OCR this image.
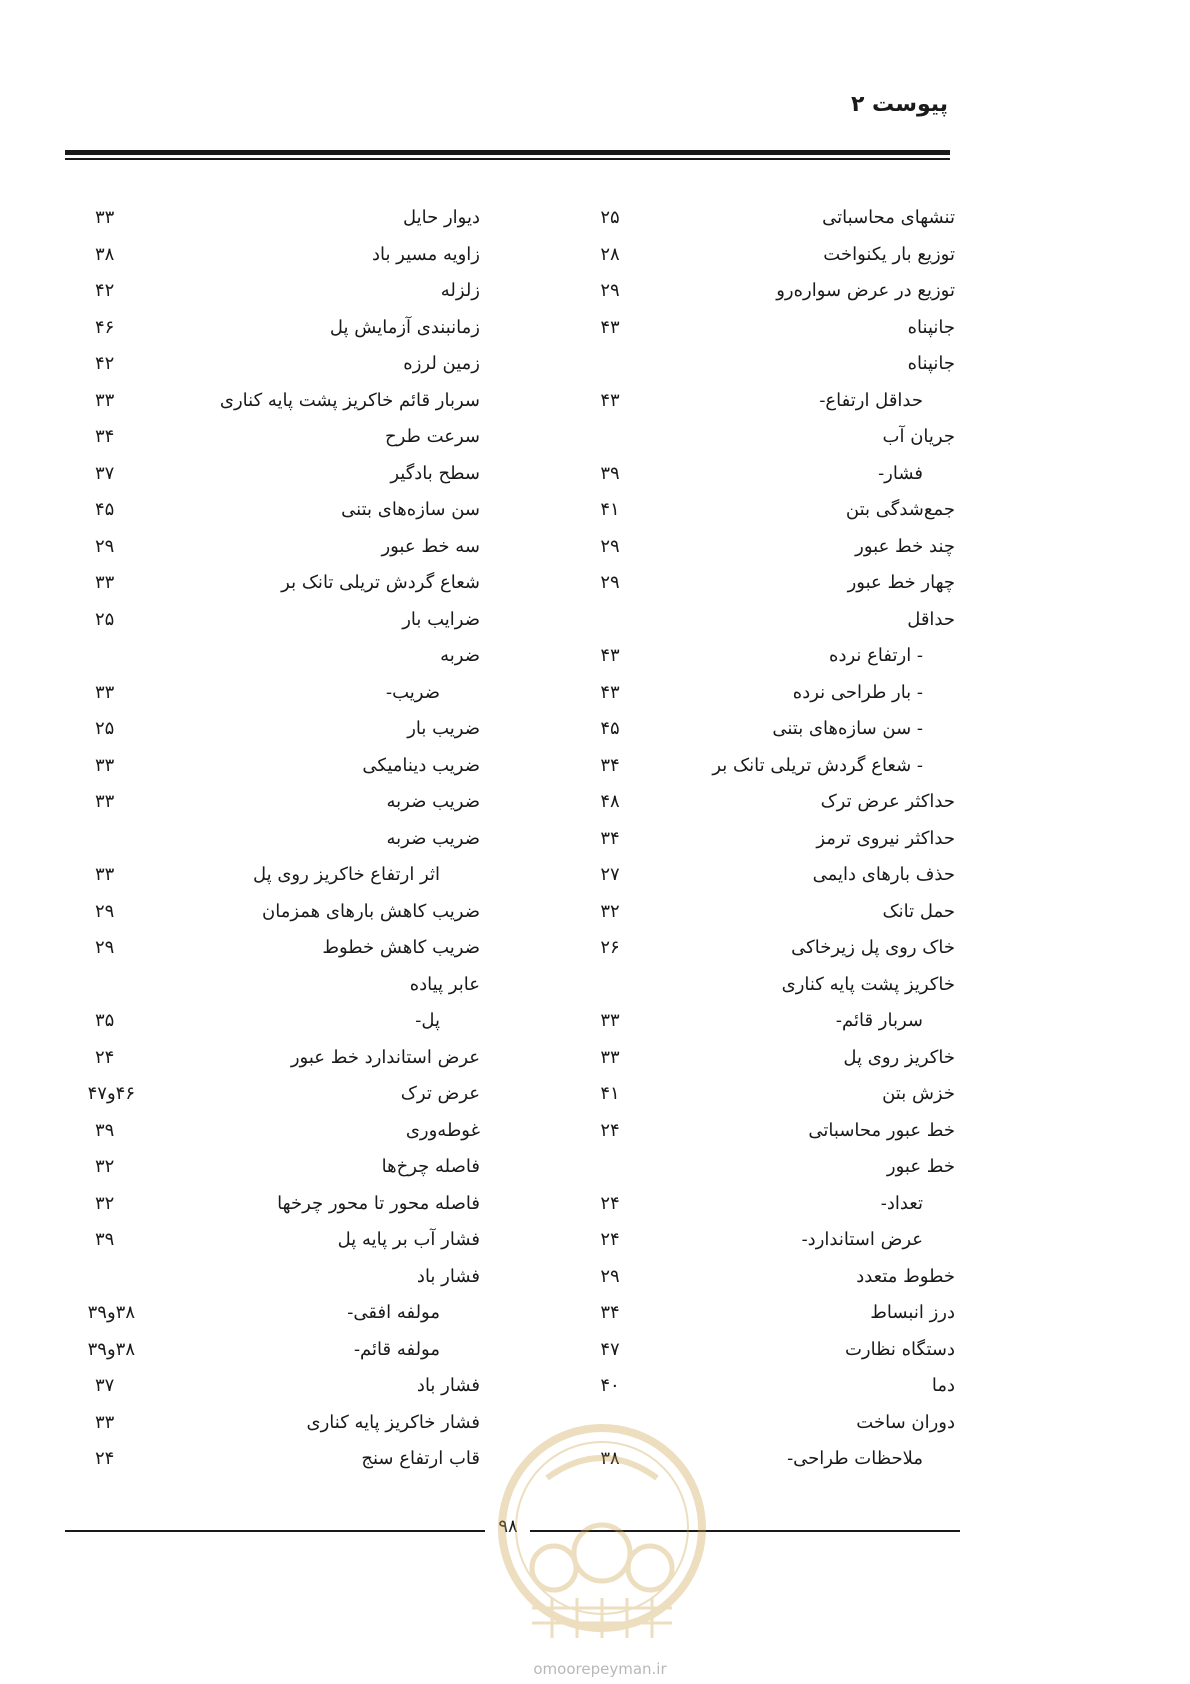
پیوست ۲
تنشهای محاسباتی
۲۵
توزیع بار یکنواخت
۲۸
توزیع در عرض سواره‌رو
۲۹
جانپناه
۴۳
جانپناه
حداقل ارتفاع-
۴۳
جریان آب
فشار-
۳۹
جمع‌شدگی بتن
۴۱
چند خط عبور
۲۹
چهار خط عبور
۲۹
حداقل
- ارتفاع نرده
۴۳
- بار طراحی نرده
۴۳
- سن سازه‌های بتنی
۴۵
- شعاع گردش تریلی تانک بر
۳۴
حداکثر عرض ترک
۴۸
حداکثر نیروی ترمز
۳۴
حذف بارهای دایمی
۲۷
حمل تانک
۳۲
خاک روی پل زیرخاکی
۲۶
خاکریز پشت پایه کناری
سربار قائم-
۳۳
خاکریز روی پل
۳۳
خزش بتن
۴۱
خط عبور محاسباتی
۲۴
خط عبور
تعداد-
۲۴
عرض استاندارد-
۲۴
خطوط متعدد
۲۹
درز انبساط
۳۴
دستگاه نظارت
۴۷
دما
۴۰
دوران ساخت
ملاحظات طراحی-
۳۸
دیوار حایل
۳۳
زاویه مسیر باد
۳۸
زلزله
۴۲
زمانبندی آزمایش پل
۴۶
زمین لرزه
۴۲
سربار قائم خاکریز پشت پایه کناری
۳۳
سرعت طرح
۳۴
سطح بادگیر
۳۷
سن سازه‌های بتنی
۴۵
سه خط عبور
۲۹
شعاع گردش تریلی تانک بر
۳۳
ضرایب بار
۲۵
ضربه
ضریب-
۳۳
ضریب بار
۲۵
ضریب دینامیکی
۳۳
ضریب ضربه
۳۳
ضریب ضربه
اثر ارتفاع خاکریز روی پل
۳۳
ضریب کاهش بارهای همزمان
۲۹
ضریب کاهش خطوط
۲۹
عابر پیاده
پل-
۳۵
عرض استاندارد خط عبور
۲۴
عرض ترک
۴۶و۴۷
غوطه‌وری
۳۹
فاصله چرخ‌ها
۳۲
فاصله محور تا محور چرخها
۳۲
فشار آب بر پایه پل
۳۹
فشار باد
مولفه افقی-
۳۸و۳۹
مولفه قائم-
۳۸و۳۹
فشار باد
۳۷
فشار خاکریز پایه کناری
۳۳
قاب ارتفاع سنج
۲۴
۹۸
omoorepeyman.ir
